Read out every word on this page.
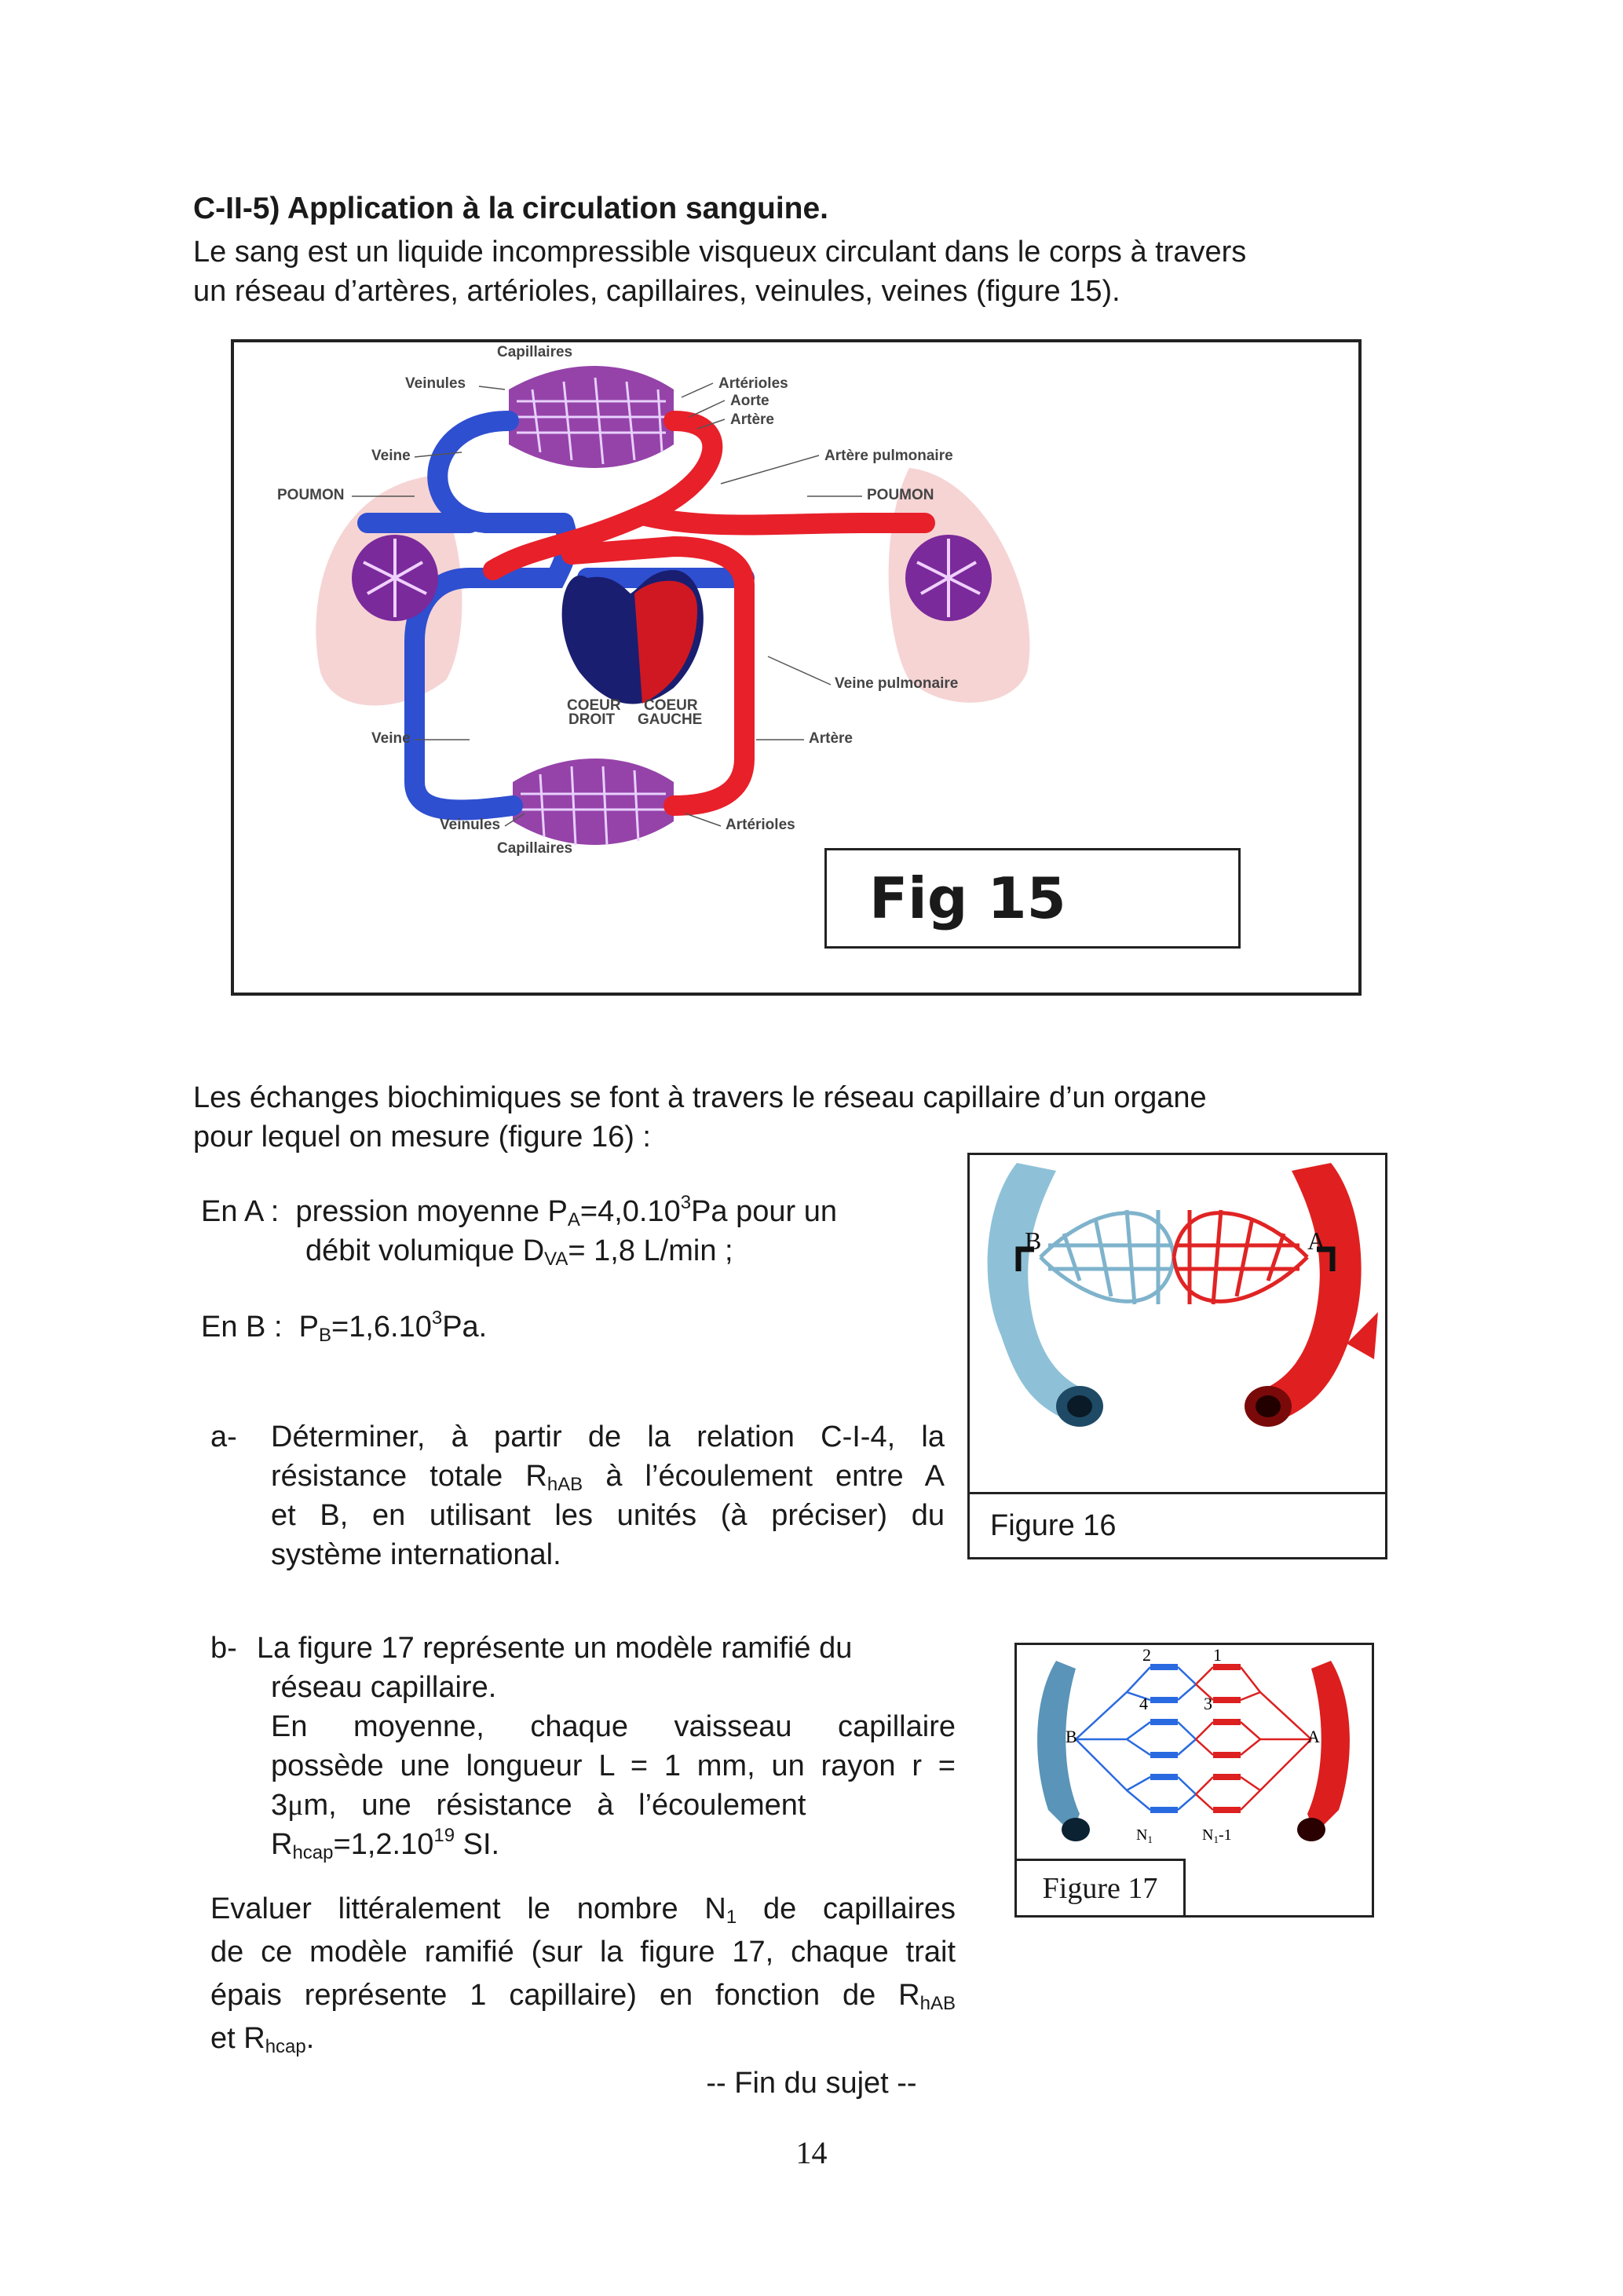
C-II-5) Application à la circulation sanguine.
Le sang est un liquide incompressible visqueux circulant dans le corps à travers
un réseau d’artères, artérioles, capillaires, veinules, veines (figure 15).
Capillaires
Veinules	Artérioles
Aorte
Artère
Veine	Artère pulmonaire
POUMON	POUMON
COEUR
DROIT
COEUR
GAUCHE
Veine pulmonaire
Veine	Artère
Veinules	Artérioles
Capillaires
Fig 15
Les échanges biochimiques se font à travers le réseau capillaire d’un organe
pour lequel on mesure (figure 16) :
En A : pression moyenne $P_A=4,0.10^3Pa$ pour un
débit volumique $D_{VA}= 1,8$ L/min ;
En B : $P_B=1,6.10^3Pa$.
B	A
Figure 16
a- Déterminer, à partir de la relation C-I-4, la
résistance totale $R_{hAB}$ à l’écoulement entre A
et B, en utilisant les unités (à préciser) du
système international.
2	1
4	3
B	A
$N_1$	$N_1-1$
Figure 17
b- La figure 17 représente un modèle ramifié du
réseau capillaire.
En moyenne, chaque vaisseau capillaire
possède une longueur L = 1 mm, un rayon r =
3μm,   une   résistance   à   l’écoulement
$R_{hcap}=1,2.10^{19}$ SI.
Evaluer littéralement le nombre $N_1$ de capillaires
de ce modèle ramifié (sur la figure 17, chaque trait
épais représente 1 capillaire) en fonction de $R_{hAB}$
et $R_{hcap}$.
-- Fin du sujet --
14
